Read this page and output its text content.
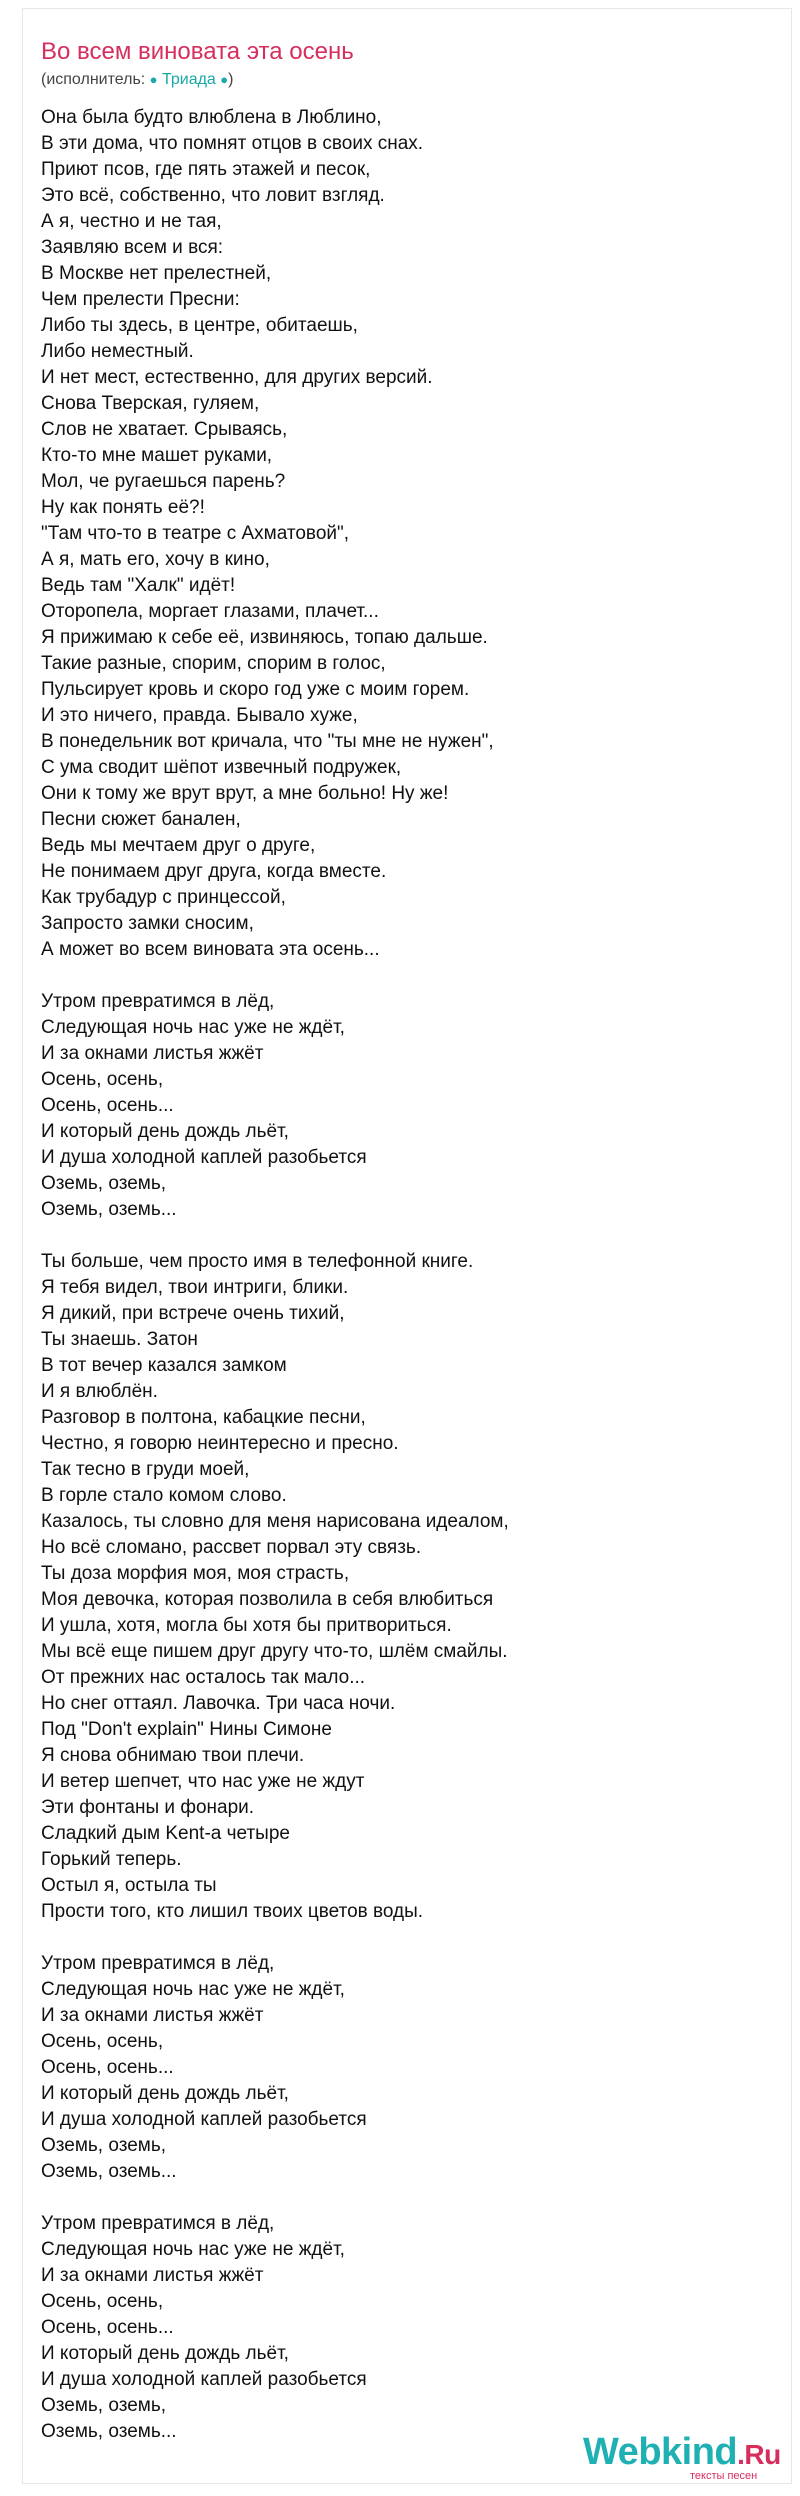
Во всем виновата эта осень
(исполнитель: ● Триада ●)
Она была будто влюблена в Люблино,
В эти дома, что помнят отцов в своих снах.
Приют псов, где пять этажей и песок,
Это всё, собственно, что ловит взгляд.
А я, честно и не тая,
Заявляю всем и вся:
В Москве нет прелестней,
Чем прелести Пресни:
Либо ты здесь, в центре, обитаешь,
Либо неместный.
И нет мест, естественно, для других версий.
Снова Тверская, гуляем,
Слов не хватает. Срываясь,
Кто-то мне машет руками,
Мол, че ругаешься парень?
Ну как понять её?!
"Там что-то в театре с Ахматовой",
А я, мать его, хочу в кино,
Ведь там "Халк" идёт!
Оторопела, моргает глазами, плачет...
Я прижимаю к себе её, извиняюсь, топаю дальше.
Такие разные, спорим, спорим в голос,
Пульсирует кровь и скоро год уже с моим горем.
И это ничего, правда. Бывало хуже,
В понедельник вот кричала, что "ты мне не нужен",
С ума сводит шёпот извечный подружек,
Они к тому же врут врут, а мне больно! Ну же!
Песни сюжет банален,
Ведь мы мечтаем друг о друге,
Не понимаем друг друга, когда вместе.
Как трубадур с принцессой,
Запросто замки сносим,
А может во всем виновата эта осень...
Утром превратимся в лёд,
Следующая ночь нас уже не ждёт,
И за окнами листья жжёт
Осень, осень,
Осень, осень...
И который день дождь льёт,
И душа холодной каплей разобьется
Оземь, оземь,
Оземь, оземь...
Ты больше, чем просто имя в телефонной книге.
Я тебя видел, твои интриги, блики.
Я дикий, при встрече очень тихий,
Ты знаешь. Затон
В тот вечер казался замком
И я влюблён.
Разговор в полтона, кабацкие песни,
Честно, я говорю неинтересно и пресно.
Так тесно в груди моей,
В горле стало комом слово.
Казалось, ты словно для меня нарисована идеалом,
Но всё сломано, рассвет порвал эту связь.
Ты доза морфия моя, моя страсть,
Моя девочка, которая позволила в себя влюбиться
И ушла, хотя, могла бы хотя бы притвориться.
Мы всё еще пишем друг другу что-то, шлём смайлы.
От прежних нас осталось так мало...
Но снег оттаял. Лавочка. Три часа ночи.
Под "Don't explain" Нины Симоне
Я снова обнимаю твои плечи.
И ветер шепчет, что нас уже не ждут
Эти фонтаны и фонари.
Сладкий дым Kent-а четыре
Горький теперь.
Остыл я, остыла ты
Прости того, кто лишил твоих цветов воды.
Утром превратимся в лёд,
Следующая ночь нас уже не ждёт,
И за окнами листья жжёт
Осень, осень,
Осень, осень...
И который день дождь льёт,
И душа холодной каплей разобьется
Оземь, оземь,
Оземь, оземь...
Утром превратимся в лёд,
Следующая ночь нас уже не ждёт,
И за окнами листья жжёт
Осень, осень,
Осень, осень...
И который день дождь льёт,
И душа холодной каплей разобьется
Оземь, оземь,
Оземь, оземь...	Webkind.Ru
тексты песен
